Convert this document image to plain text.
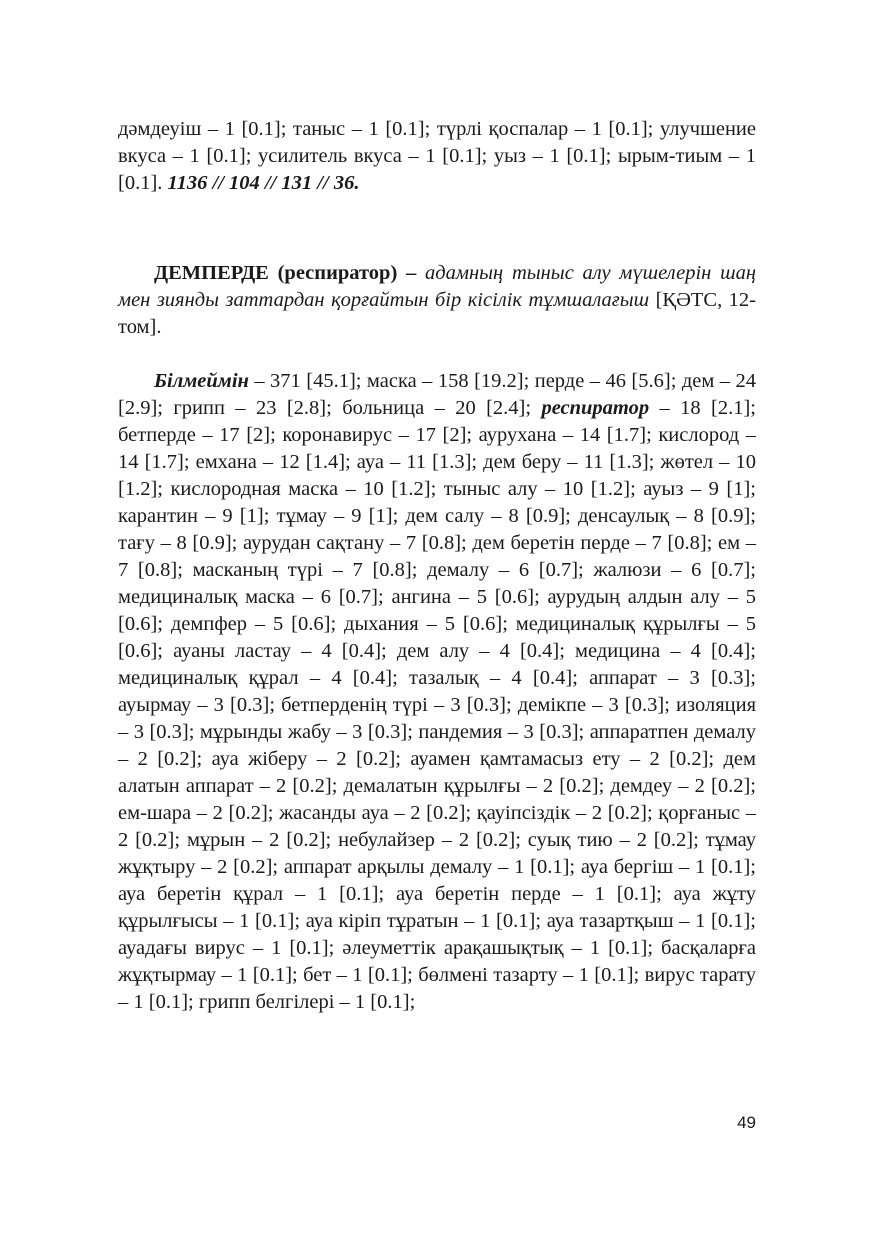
дәмдеуіш – 1 [0.1]; таныс – 1 [0.1]; түрлі қоспалар – 1 [0.1]; улучшение вкуса – 1 [0.1]; усилитель вкуса – 1 [0.1]; уыз – 1 [0.1]; ырым-тиым – 1 [0.1]. 1136 // 104 // 131 // 36.

ДЕМПЕРДЕ (респиратор) – адамның тыныс алу мүшелерін шаң мен зиянды заттардан қорғайтын бір кісілік тұмшалағыш [ҚӘТС, 12-том].

Білмеймін – 371 [45.1]; маска – 158 [19.2]; перде – 46 [5.6]; дем – 24 [2.9]; грипп – 23 [2.8]; больница – 20 [2.4]; респиратор – 18 [2.1]; бетперде – 17 [2]; коронавирус – 17 [2]; аурухана – 14 [1.7]; кислород – 14 [1.7]; емхана – 12 [1.4]; ауа – 11 [1.3]; дем беру – 11 [1.3]; жөтел – 10 [1.2]; кислородная маска – 10 [1.2]; тыныс алу – 10 [1.2]; ауыз – 9 [1]; карантин – 9 [1]; тұмау – 9 [1]; дем салу – 8 [0.9]; денсаулық – 8 [0.9]; тағу – 8 [0.9]; аурудан сақтану – 7 [0.8]; дем беретін перде – 7 [0.8]; ем – 7 [0.8]; масканың түрі – 7 [0.8]; демалу – 6 [0.7]; жалюзи – 6 [0.7]; медициналық маска – 6 [0.7]; ангина – 5 [0.6]; аурудың алдын алу – 5 [0.6]; демпфер – 5 [0.6]; дыхания – 5 [0.6]; медициналық құрылғы – 5 [0.6]; ауаны ластау – 4 [0.4]; дем алу – 4 [0.4]; медицина – 4 [0.4]; медициналық құрал – 4 [0.4]; тазалық – 4 [0.4]; аппарат – 3 [0.3]; ауырмау – 3 [0.3]; бетперденің түрі – 3 [0.3]; демікпе – 3 [0.3]; изоляция – 3 [0.3]; мұрынды жабу – 3 [0.3]; пандемия – 3 [0.3]; аппаратпен демалу – 2 [0.2]; ауа жіберу – 2 [0.2]; ауамен қамтамасыз ету – 2 [0.2]; дем алатын аппарат – 2 [0.2]; демалатын құрылғы – 2 [0.2]; демдеу – 2 [0.2]; ем-шара – 2 [0.2]; жасанды ауа – 2 [0.2]; қауіпсіздік – 2 [0.2]; қорғаныс – 2 [0.2]; мұрын – 2 [0.2]; небулайзер – 2 [0.2]; суық тию – 2 [0.2]; тұмау жұқтыру – 2 [0.2]; аппарат арқылы демалу – 1 [0.1]; ауа бергіш – 1 [0.1]; ауа беретін құрал – 1 [0.1]; ауа беретін перде – 1 [0.1]; ауа жұту құрылғысы – 1 [0.1]; ауа кіріп тұратын – 1 [0.1]; ауа тазартқыш – 1 [0.1]; ауадағы вирус – 1 [0.1]; әлеуметтік арақашықтық – 1 [0.1]; басқаларға жұқтырмау – 1 [0.1]; бет – 1 [0.1]; бөлмені тазарту – 1 [0.1]; вирус тарату – 1 [0.1]; грипп белгілері – 1 [0.1];

49
